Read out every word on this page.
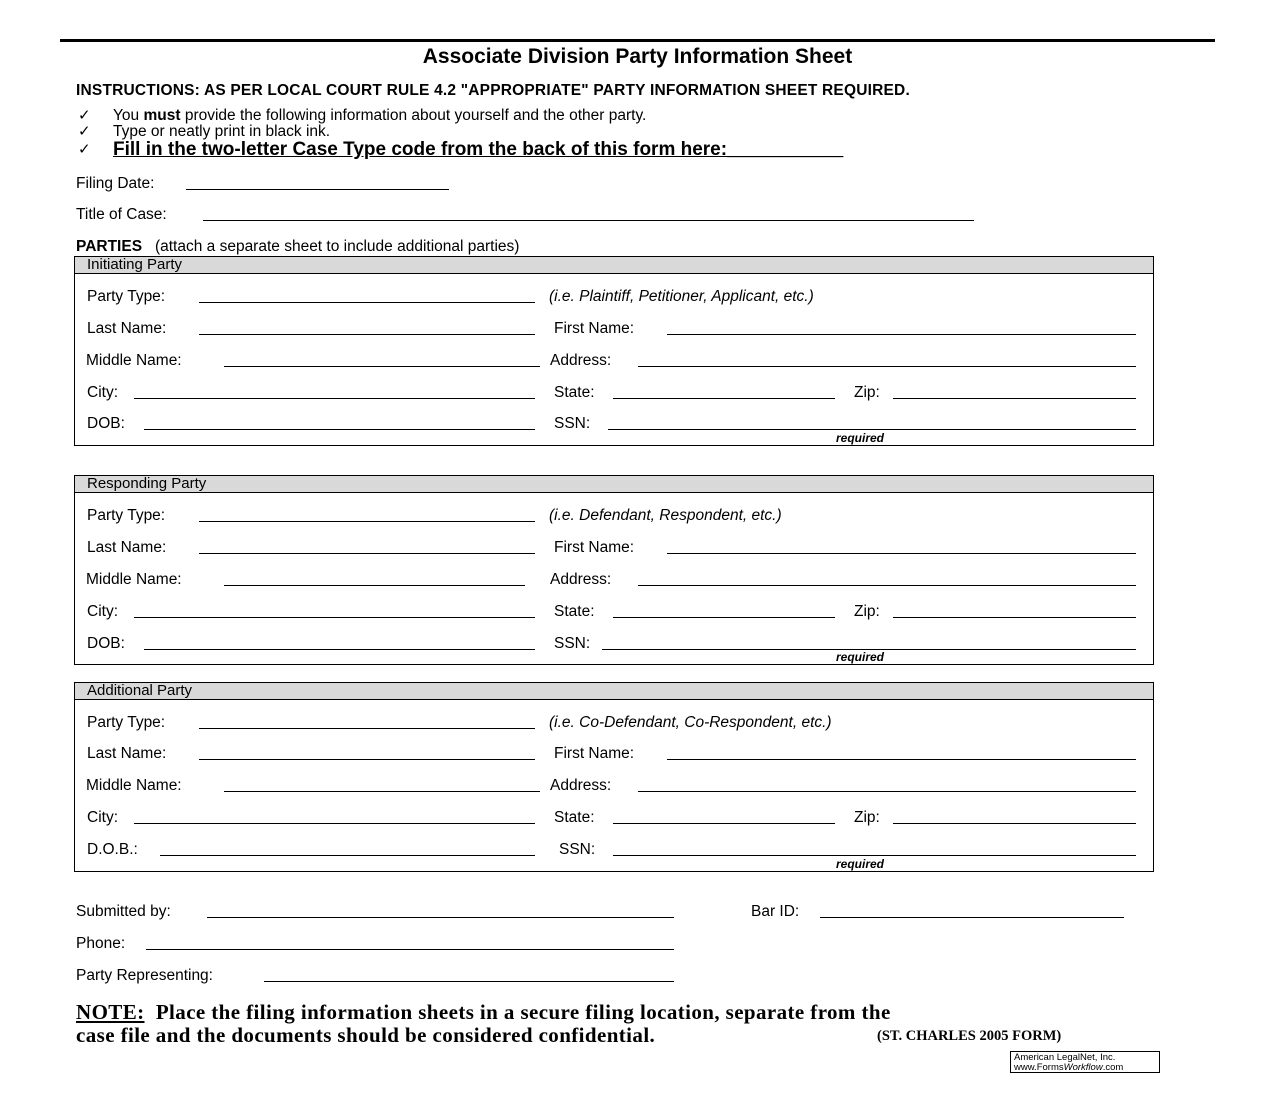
Associate Division Party Information Sheet
INSTRUCTIONS: AS PER LOCAL COURT RULE 4.2 "APPROPRIATE" PARTY INFORMATION SHEET REQUIRED.
✓ You must provide the following information about yourself and the other party.
✓ Type or neatly print in black ink.
✓ Fill in the two-letter Case Type code from the back of this form here:___________
Filing Date:
Title of Case:
PARTIES (attach a separate sheet to include additional parties)
Initiating Party
Party Type:	(i.e. Plaintiff, Petitioner, Applicant, etc.)
Last Name:	First Name:
Middle Name:	Address:
City:	State:	Zip:
DOB:	SSN:
required
Responding Party
Party Type:	(i.e. Defendant, Respondent, etc.)
Last Name:	First Name:
Middle Name:	Address:
City:	State:	Zip:
DOB:	SSN:
required
Additional Party
Party Type:	(i.e. Co-Defendant, Co-Respondent, etc.)
Last Name:	First Name:
Middle Name:	Address:
City:	State:	Zip:
D.O.B.:	SSN:
required
Submitted by:	Bar ID:
Phone:
Party Representing:
NOTE: Place the filing information sheets in a secure filing location, separate from the
case file and the documents should be considered confidential.	(ST. CHARLES 2005 FORM)
American LegalNet, Inc.
www.FormsWorkflow.com
